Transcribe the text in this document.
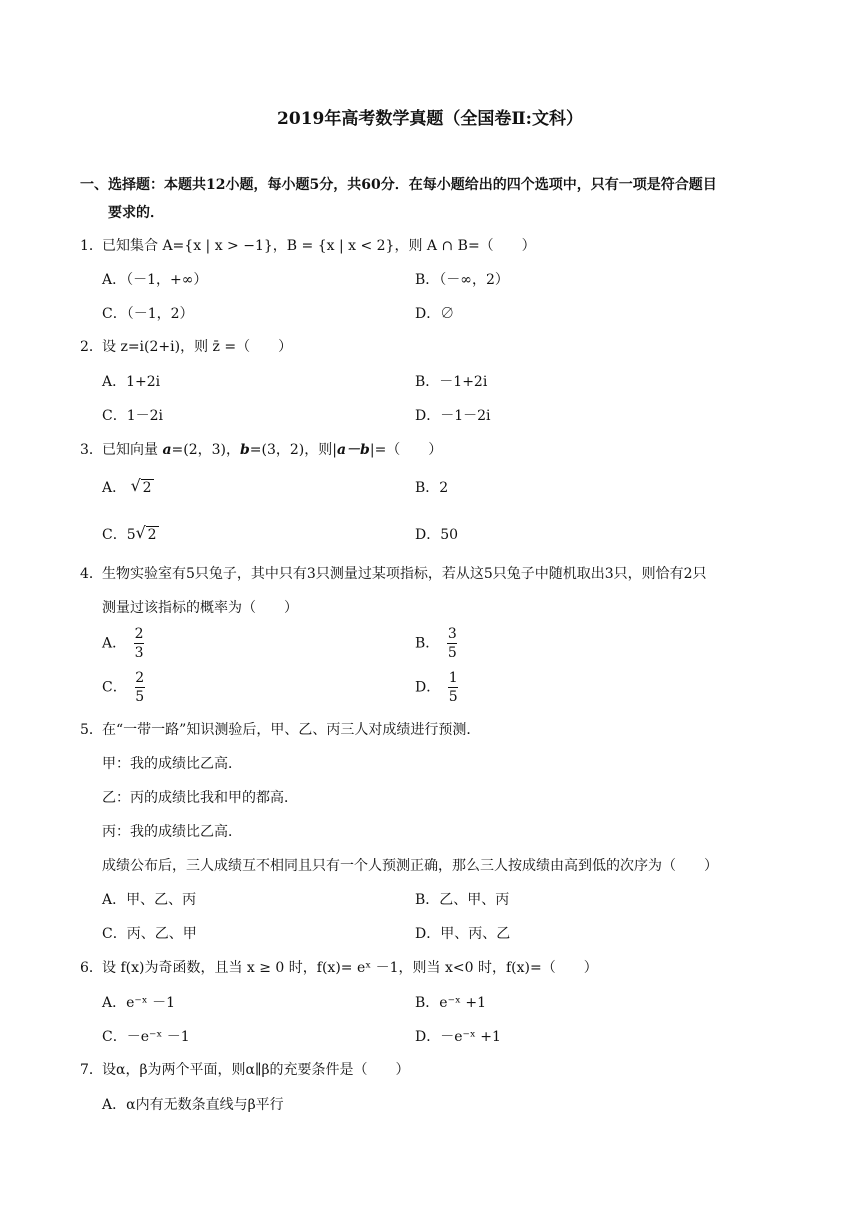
2019年高考数学真题（全国卷Ⅱ:文科）
一、选择题：本题共12小题，每小题5分，共60分．在每小题给出的四个选项中，只有一项是符合题目
要求的．
1．已知集合 A={x | x > −1}，B = {x | x < 2}，则 A ∩ B=（　　）
A．（－1，+∞）	B．（－∞，2）
C．（－1，2）	D．∅
2．设 z=i(2+i)，则 z̄ =（　　）
A．1+2i	B．－1+2i
C．1－2i	D．－1－2i
3．已知向量 a=(2，3)，b=(3，2)，则|a－b|=（　　）
A． √ 2	B．2
C．5 √ 2	D．50
4．生物实验室有5只兔子，其中只有3只测量过某项指标，若从这5只兔子中随机取出3只，则恰有2只
测量过该指标的概率为（　　）
A． $\frac{2}{3}$	B． $\frac{3}{5}$
C． $\frac{2}{5}$	D． $\frac{1}{5}$
5．在“一带一路”知识测验后，甲、乙、丙三人对成绩进行预测．
甲：我的成绩比乙高．
乙：丙的成绩比我和甲的都高．
丙：我的成绩比乙高．
成绩公布后，三人成绩互不相同且只有一个人预测正确，那么三人按成绩由高到低的次序为（　　）
A．甲、乙、丙	B．乙、甲、丙
C．丙、乙、甲	D．甲、丙、乙
6．设 f(x)为奇函数，且当 x ≥ 0 时，f(x)= eˣ －1，则当 x<0 时，f(x)=（　　）
A．e⁻ˣ －1	B．e⁻ˣ +1
C．－e⁻ˣ －1	D．－e⁻ˣ +1
7．设α，β为两个平面，则α∥β的充要条件是（　　）
A．α内有无数条直线与β平行
